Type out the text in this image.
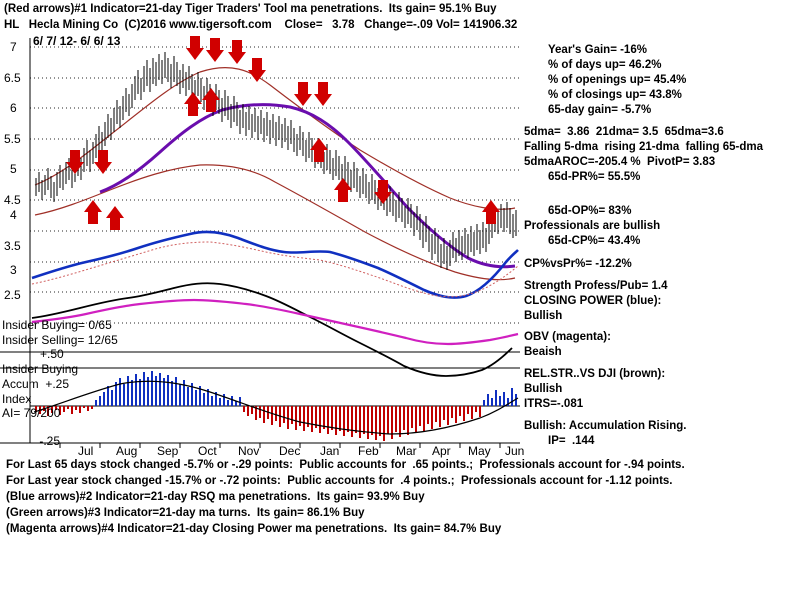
(Red arrows)#1 Indicator=21-day Tiger Traders' Tool ma penetrations.  Its gain= 95.1% Buy
HL   Hecla Mining Co  (C)2016 www.tigersoft.com    Close=   3.78   Change=-.09 Vol= 141906.32
6/ 7/ 12- 6/ 6/ 13
7
6.5
6
5.5
5
4.5
4
3.5
3
2.5
Jul Aug Sep Oct Nov Dec Jan Feb Mar Apr May Jun
Insider Buying= 0/65
Insider Selling= 12/65
+.50
Insider Buying
Accum  +.25
Index
AI= 79/200
-.25
Year's Gain= -16%
% of days up= 46.2%
% of openings up= 45.4%
% of closings up= 43.8%
65-day gain= -5.7%
5dma=  3.86  21dma= 3.5  65dma=3.6
Falling 5-dma  rising 21-dma  falling 65-dma
5dmaAROC=-205.4 %  PivotP= 3.83
65d-PR%= 55.5%
65d-OP%= 83%
Professionals are bullish
65d-CP%= 43.4%
CP%vsPr%= -12.2%
Strength Profess/Pub= 1.4
CLOSING POWER (blue):
Bullish
OBV (magenta):
Beaish
REL.STR..VS DJI (brown):
Bullish
ITRS=-.081
Bullish: Accumulation Rising.
IP=  .144
For Last 65 days stock changed -5.7% or -.29 points:  Public accounts for  .65 points.;  Professionals account for -.94 points.
For Last year stock changed -15.7% or -.72 points:  Public accounts for  .4 points.;  Professionals account for -1.12 points.
(Blue arrows)#2 Indicator=21-day RSQ ma penetrations.  Its gain= 93.9% Buy
(Green arrows)#3 Indicator=21-day ma turns.  Its gain= 86.1% Buy
(Magenta arrows)#4 Indicator=21-day Closing Power ma penetrations.  Its gain= 84.7% Buy
